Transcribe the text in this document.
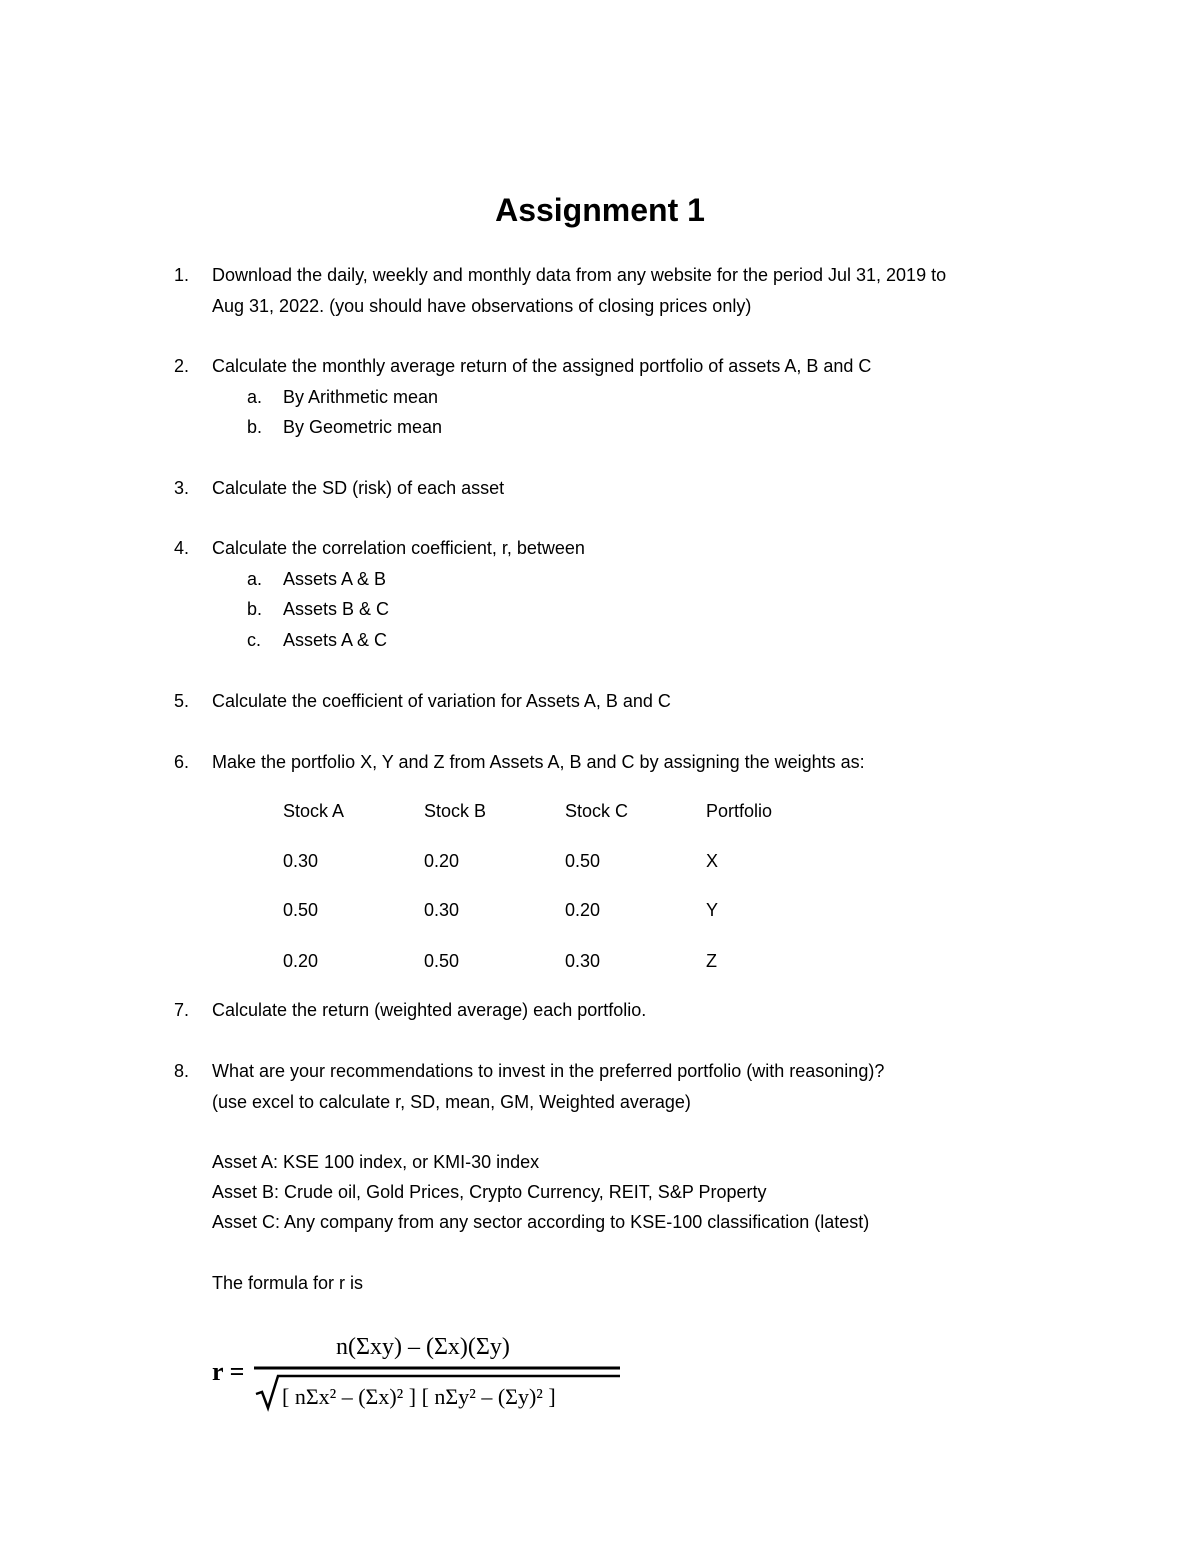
Assignment 1
1. Download the daily, weekly and monthly data from any website for the period Jul 31, 2019 to
Aug 31, 2022. (you should have observations of closing prices only)
2. Calculate the monthly average return of the assigned portfolio of assets A, B and C
a. By Arithmetic mean
b. By Geometric mean
3. Calculate the SD (risk) of each asset
4. Calculate the correlation coefficient, r, between
a. Assets A & B
b. Assets B & C
c. Assets A & C
5. Calculate the coefficient of variation for Assets A, B and C
6. Make the portfolio X, Y and Z from Assets A, B and C by assigning the weights as:
Stock A	Stock B	Stock C	Portfolio
0.30	0.20	0.50	X
0.50	0.30	0.20	Y
0.20	0.50	0.30	Z
7. Calculate the return (weighted average) each portfolio.
8. What are your recommendations to invest in the preferred portfolio (with reasoning)?
(use excel to calculate r, SD, mean, GM, Weighted average)
Asset A: KSE 100 index, or KMI-30 index
Asset B: Crude oil, Gold Prices, Crypto Currency, REIT, S&P Property
Asset C: Any company from any sector according to KSE-100 classification (latest)
The formula for r is
r =
n(Σxy) – (Σx)(Σy)
[ nΣx² – (Σx)² ] [ nΣy² – (Σy)² ]
